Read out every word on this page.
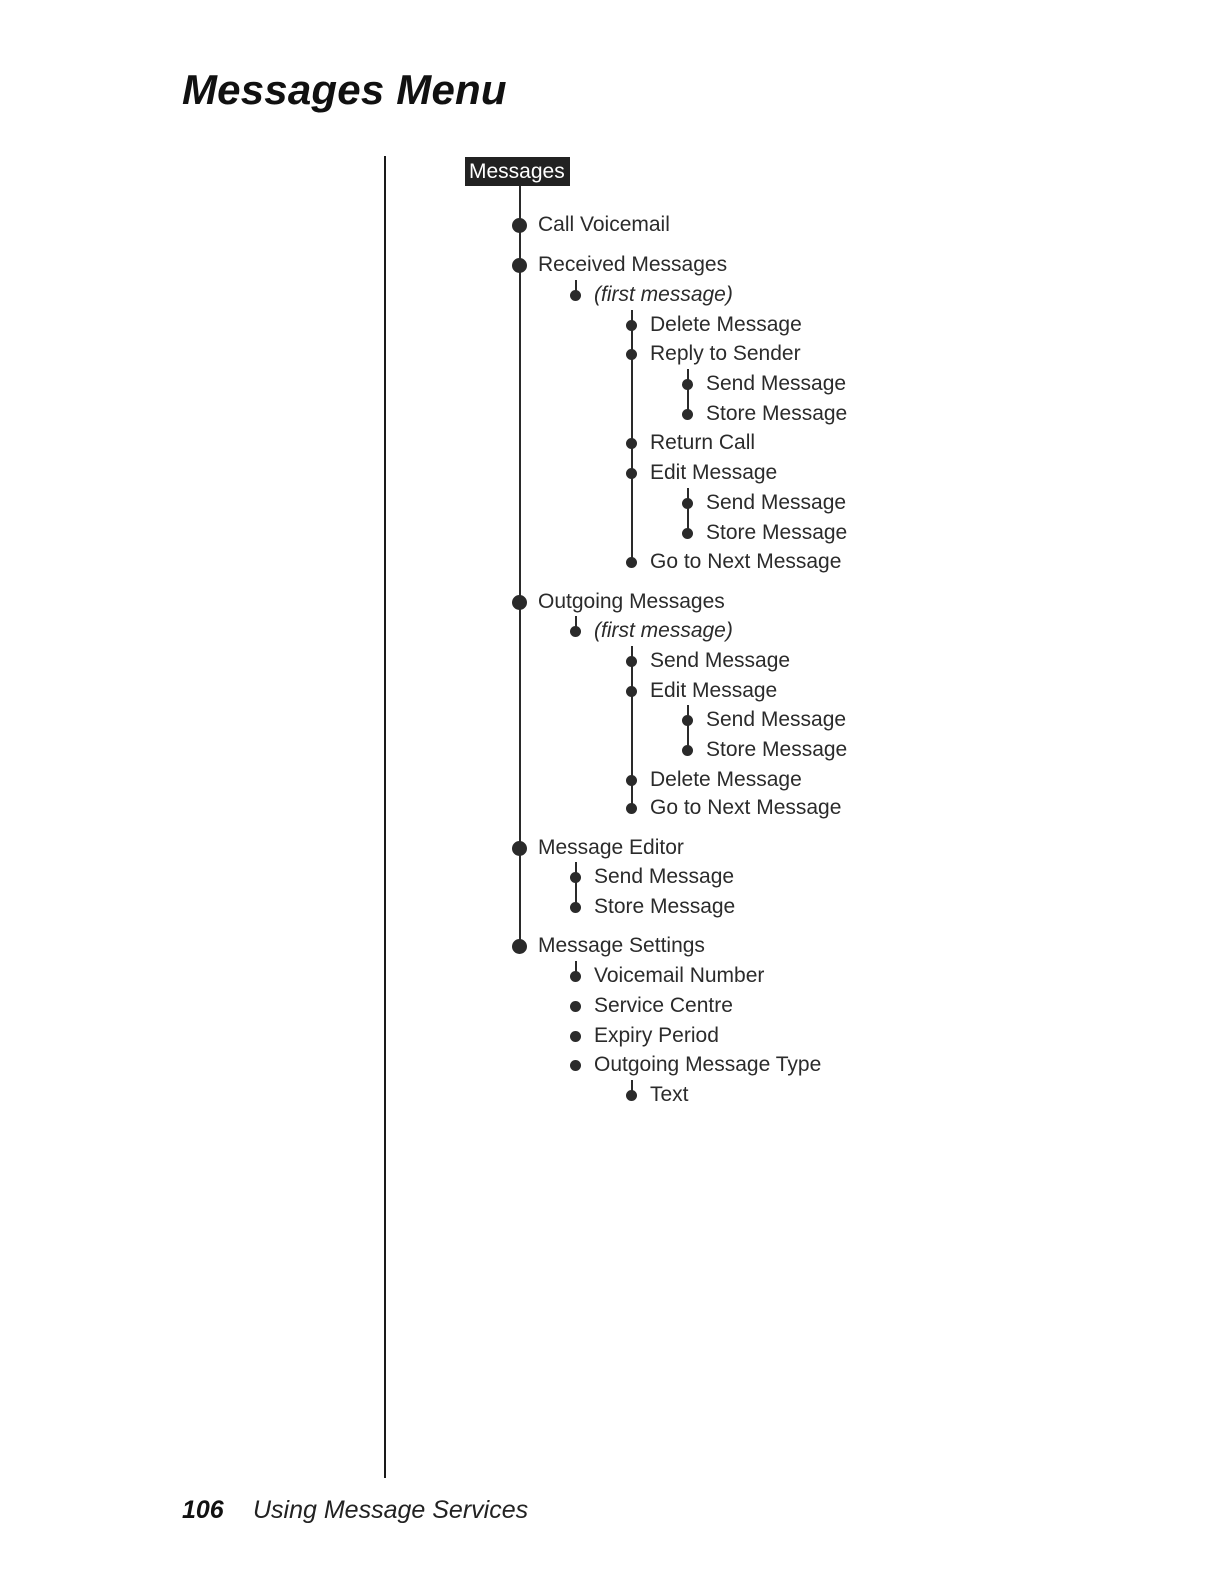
Messages Menu
Messages
Call Voicemail
Received Messages
(first message)
Delete Message
Reply to Sender
Send Message
Store Message
Return Call
Edit Message
Send Message
Store Message
Go to Next Message
Outgoing Messages
(first message)
Send Message
Edit Message
Send Message
Store Message
Delete Message
Go to Next Message
Message Editor
Send Message
Store Message
Message Settings
Voicemail Number
Service Centre
Expiry Period
Outgoing Message Type
Text
106 Using Message Services
